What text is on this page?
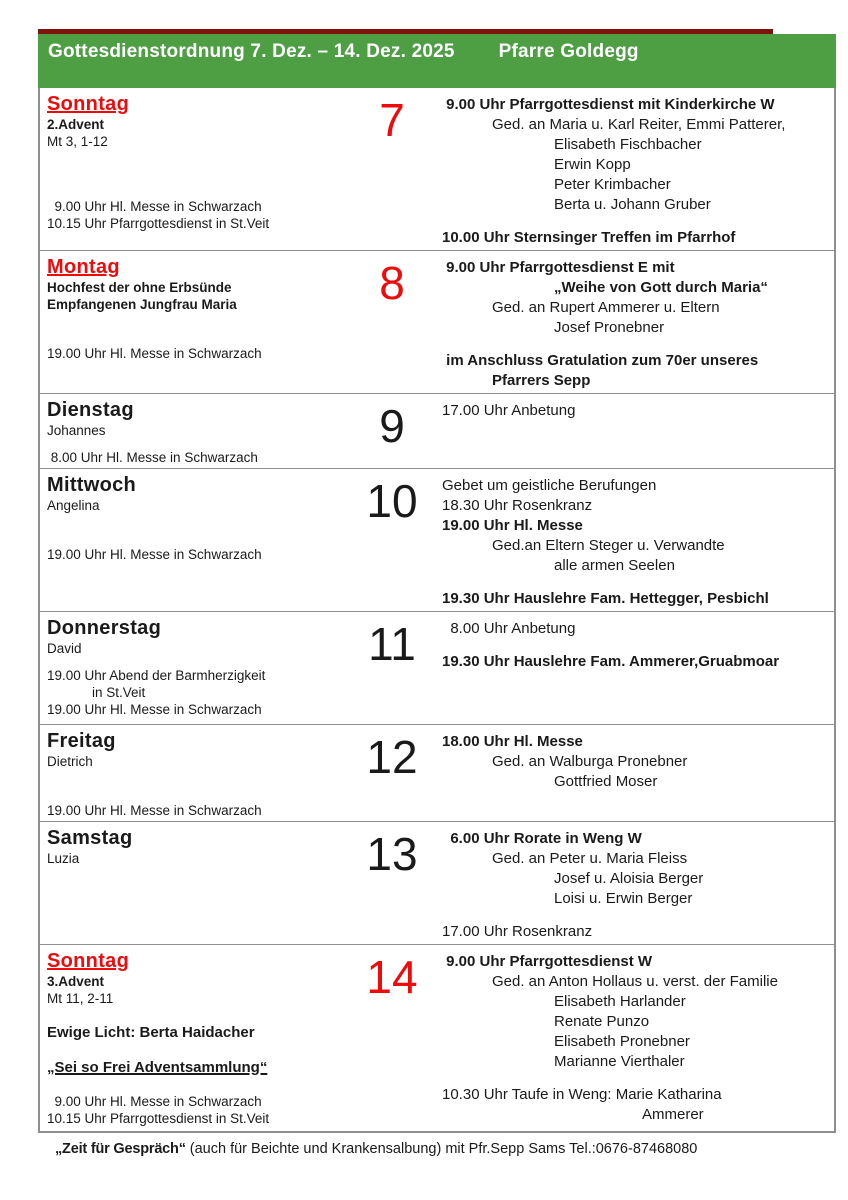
Gottesdienstordnung 7. Dez. – 14. Dez. 2025 Pfarre Goldegg
Sonntag
2.Advent
Mt 3, 1-12
9.00 Uhr Hl. Messe in Schwarzach
10.15 Uhr Pfarrgottesdienst in St.Veit
7	9.00 Uhr Pfarrgottesdienst mit Kinderkirche W
Ged. an Maria u. Karl Reiter, Emmi Patterer,
Elisabeth Fischbacher
Erwin Kopp
Peter Krimbacher
Berta u. Johann Gruber
10.00 Uhr Sternsinger Treffen im Pfarrhof
Montag
Hochfest der ohne Erbsünde
Empfangenen Jungfrau Maria
19.00 Uhr Hl. Messe in Schwarzach
8	9.00 Uhr Pfarrgottesdienst E mit
„Weihe von Gott durch Maria“
Ged. an Rupert Ammerer u. Eltern
Josef Pronebner
im Anschluss Gratulation zum 70er unseres
Pfarrers Sepp
Dienstag
Johannes
8.00 Uhr Hl. Messe in Schwarzach
9	17.00 Uhr Anbetung
Mittwoch
Angelina
19.00 Uhr Hl. Messe in Schwarzach
10	Gebet um geistliche Berufungen
18.30 Uhr Rosenkranz
19.00 Uhr Hl. Messe
Ged.an Eltern Steger u. Verwandte
alle armen Seelen
19.30 Uhr Hauslehre Fam. Hettegger, Pesbichl
Donnerstag
David
19.00 Uhr Abend der Barmherzigkeit
in St.Veit
19.00 Uhr Hl. Messe in Schwarzach
11	8.00 Uhr Anbetung
19.30 Uhr Hauslehre Fam. Ammerer,Gruabmoar
Freitag
Dietrich
19.00 Uhr Hl. Messe in Schwarzach
12	18.00 Uhr Hl. Messe
Ged. an Walburga Pronebner
Gottfried Moser
Samstag
Luzia	13	6.00 Uhr Rorate in Weng W
Ged. an Peter u. Maria Fleiss
Josef u. Aloisia Berger
Loisi u. Erwin Berger
17.00 Uhr Rosenkranz
Sonntag
3.Advent
Mt 11, 2-11
Ewige Licht: Berta Haidacher
„Sei so Frei Adventsammlung“
9.00 Uhr Hl. Messe in Schwarzach
10.15 Uhr Pfarrgottesdienst in St.Veit
14	9.00 Uhr Pfarrgottesdienst W
Ged. an Anton Hollaus u. verst. der Familie
Elisabeth Harlander
Renate Punzo
Elisabeth Pronebner
Marianne Vierthaler
10.30 Uhr Taufe in Weng: Marie Katharina
Ammerer
„Zeit für Gespräch“ (auch für Beichte und Krankensalbung) mit Pfr.Sepp Sams Tel.:0676-87468080
